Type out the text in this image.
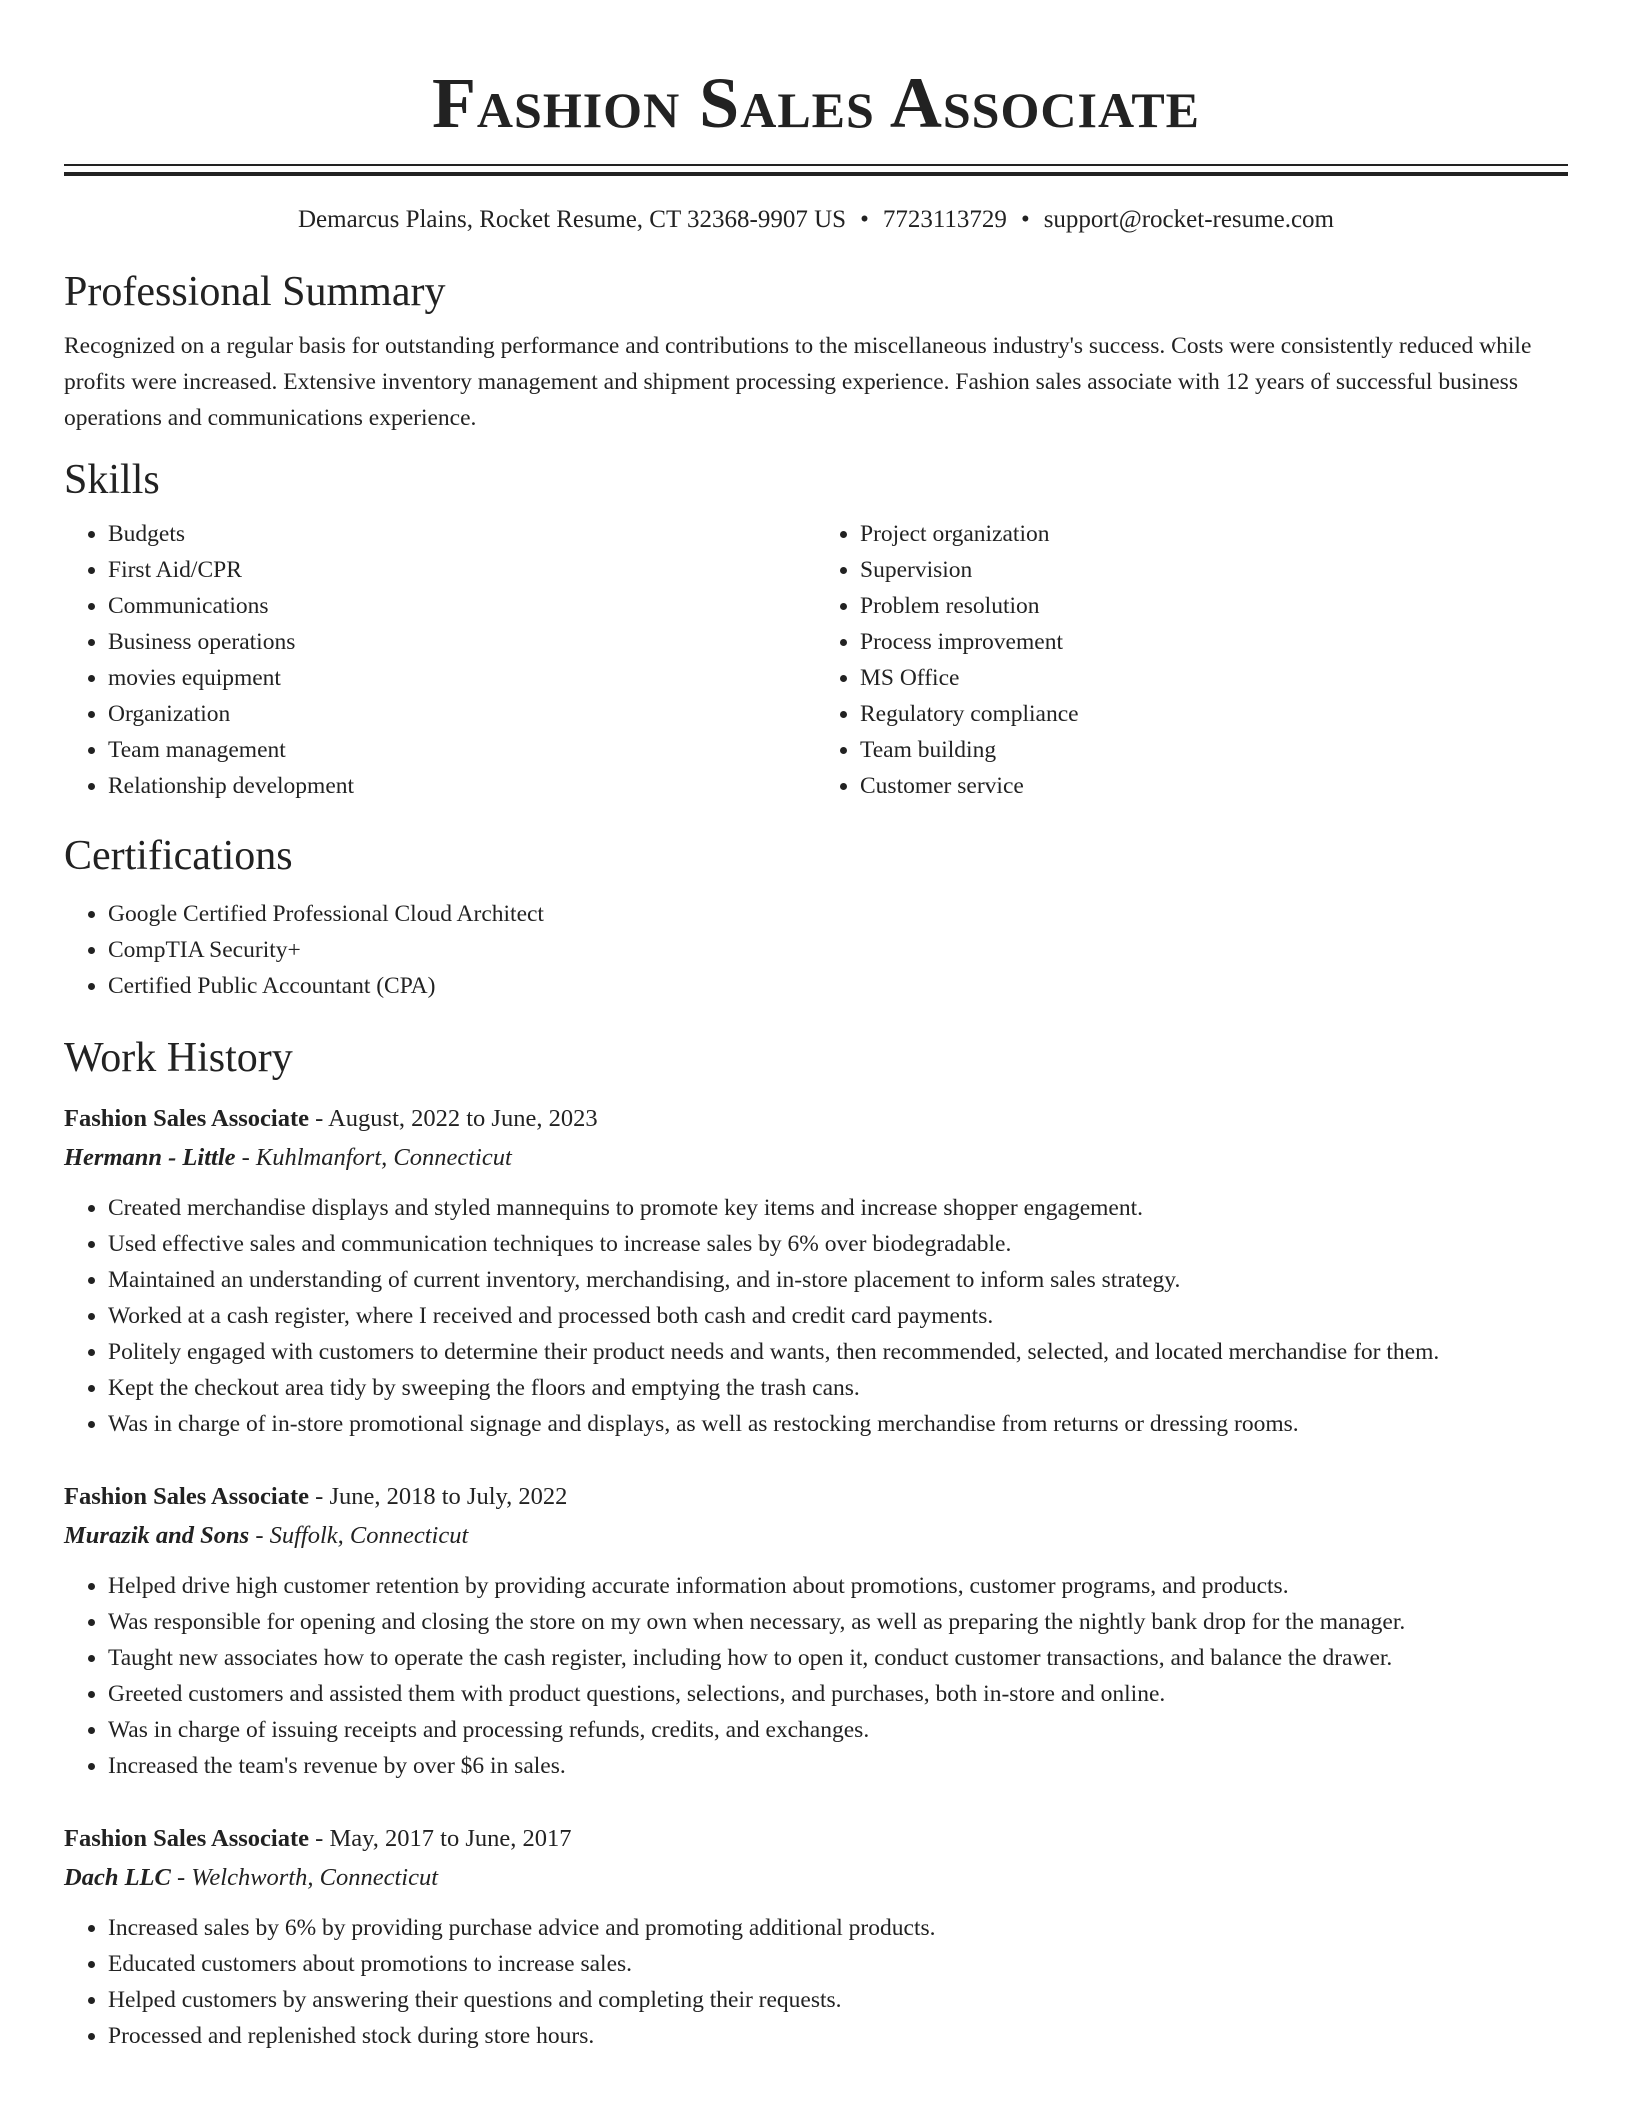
Fashion Sales Associate
Demarcus Plains, Rocket Resume, CT 32368-9907 US • 7723113729 • support@rocket-resume.com
Professional Summary
Recognized on a regular basis for outstanding performance and contributions to the miscellaneous industry's success. Costs were consistently reduced while profits were increased. Extensive inventory management and shipment processing experience. Fashion sales associate with 12 years of successful business operations and communications experience.
Skills
• Budgets
• First Aid/CPR
• Communications
• Business operations
• movies equipment
• Organization
• Team management
• Relationship development
• Project organization
• Supervision
• Problem resolution
• Process improvement
• MS Office
• Regulatory compliance
• Team building
• Customer service
Certifications
• Google Certified Professional Cloud Architect
• CompTIA Security+
• Certified Public Accountant (CPA)
Work History
Fashion Sales Associate - August, 2022 to June, 2023
Hermann - Little - Kuhlmanfort, Connecticut
• Created merchandise displays and styled mannequins to promote key items and increase shopper engagement.
• Used effective sales and communication techniques to increase sales by 6% over biodegradable.
• Maintained an understanding of current inventory, merchandising, and in-store placement to inform sales strategy.
• Worked at a cash register, where I received and processed both cash and credit card payments.
• Politely engaged with customers to determine their product needs and wants, then recommended, selected, and located merchandise for them.
• Kept the checkout area tidy by sweeping the floors and emptying the trash cans.
• Was in charge of in-store promotional signage and displays, as well as restocking merchandise from returns or dressing rooms.
Fashion Sales Associate - June, 2018 to July, 2022
Murazik and Sons - Suffolk, Connecticut
• Helped drive high customer retention by providing accurate information about promotions, customer programs, and products.
• Was responsible for opening and closing the store on my own when necessary, as well as preparing the nightly bank drop for the manager.
• Taught new associates how to operate the cash register, including how to open it, conduct customer transactions, and balance the drawer.
• Greeted customers and assisted them with product questions, selections, and purchases, both in-store and online.
• Was in charge of issuing receipts and processing refunds, credits, and exchanges.
• Increased the team's revenue by over $6 in sales.
Fashion Sales Associate - May, 2017 to June, 2017
Dach LLC - Welchworth, Connecticut
• Increased sales by 6% by providing purchase advice and promoting additional products.
• Educated customers about promotions to increase sales.
• Helped customers by answering their questions and completing their requests.
• Processed and replenished stock during store hours.
